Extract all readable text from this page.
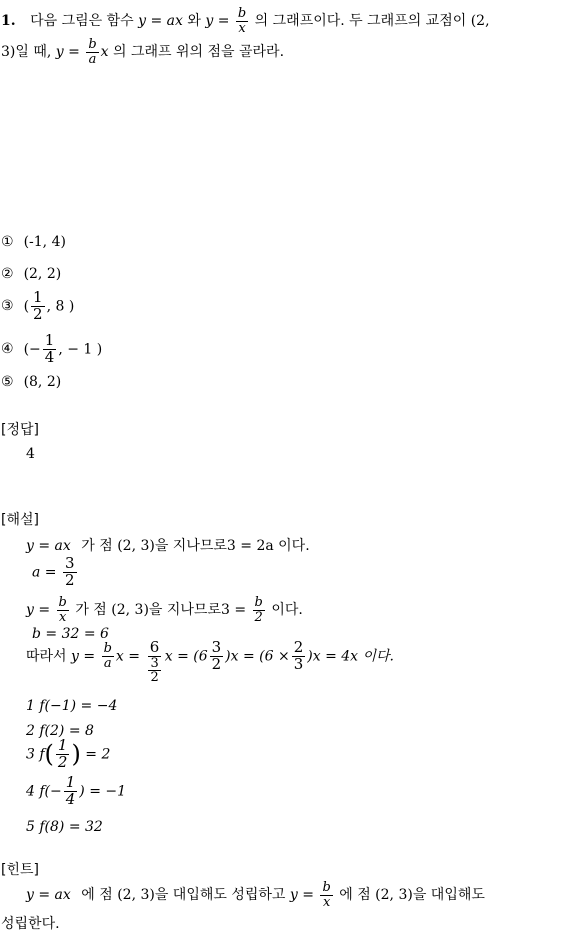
1. 다음 그림은 함수 y = ax 와 $y = \frac{b}{x}$ 의 그래프이다. 두 그래프의 교점이 (2,
3)일 때, $y = \frac{b}{a}$ x 의 그래프 위의 점을 골라라.
① (-1, 4)
② (2, 2)
③ ( $\frac{1}{2}$ , 8 )
④ (− $\frac{1}{4}$ , − 1 )
⑤ (8, 2)
[정답]
4
[해설]
y = ax 가 점 (2, 3)을 지나므로3 = 2a 이다.
$a = \frac{3}{2}$
$y = \frac{b}{x}$ 가 점 (2, 3)을 지나므로$3 = \frac{b}{2}$ 이다.
b = 32 = 6
따라서 $y = \frac{b}{a}$ $x = \frac{6}{\frac{3}{2}}$ $x = (6 \frac{3}{2} )x = (6 \times \frac{2}{3} )x = 4x$ 이다.
1 f(−1) = −4
2 f(2) = 8
3 $f( \frac{1}{2}$ ) = 2
4 $f(- \frac{1}{4}$ ) = −1
5 f(8) = 32
[힌트]
y = ax 에 점 (2, 3)을 대입해도 성립하고 $y = \frac{b}{x}$ 에 점 (2, 3)을 대입해도
성립한다.
